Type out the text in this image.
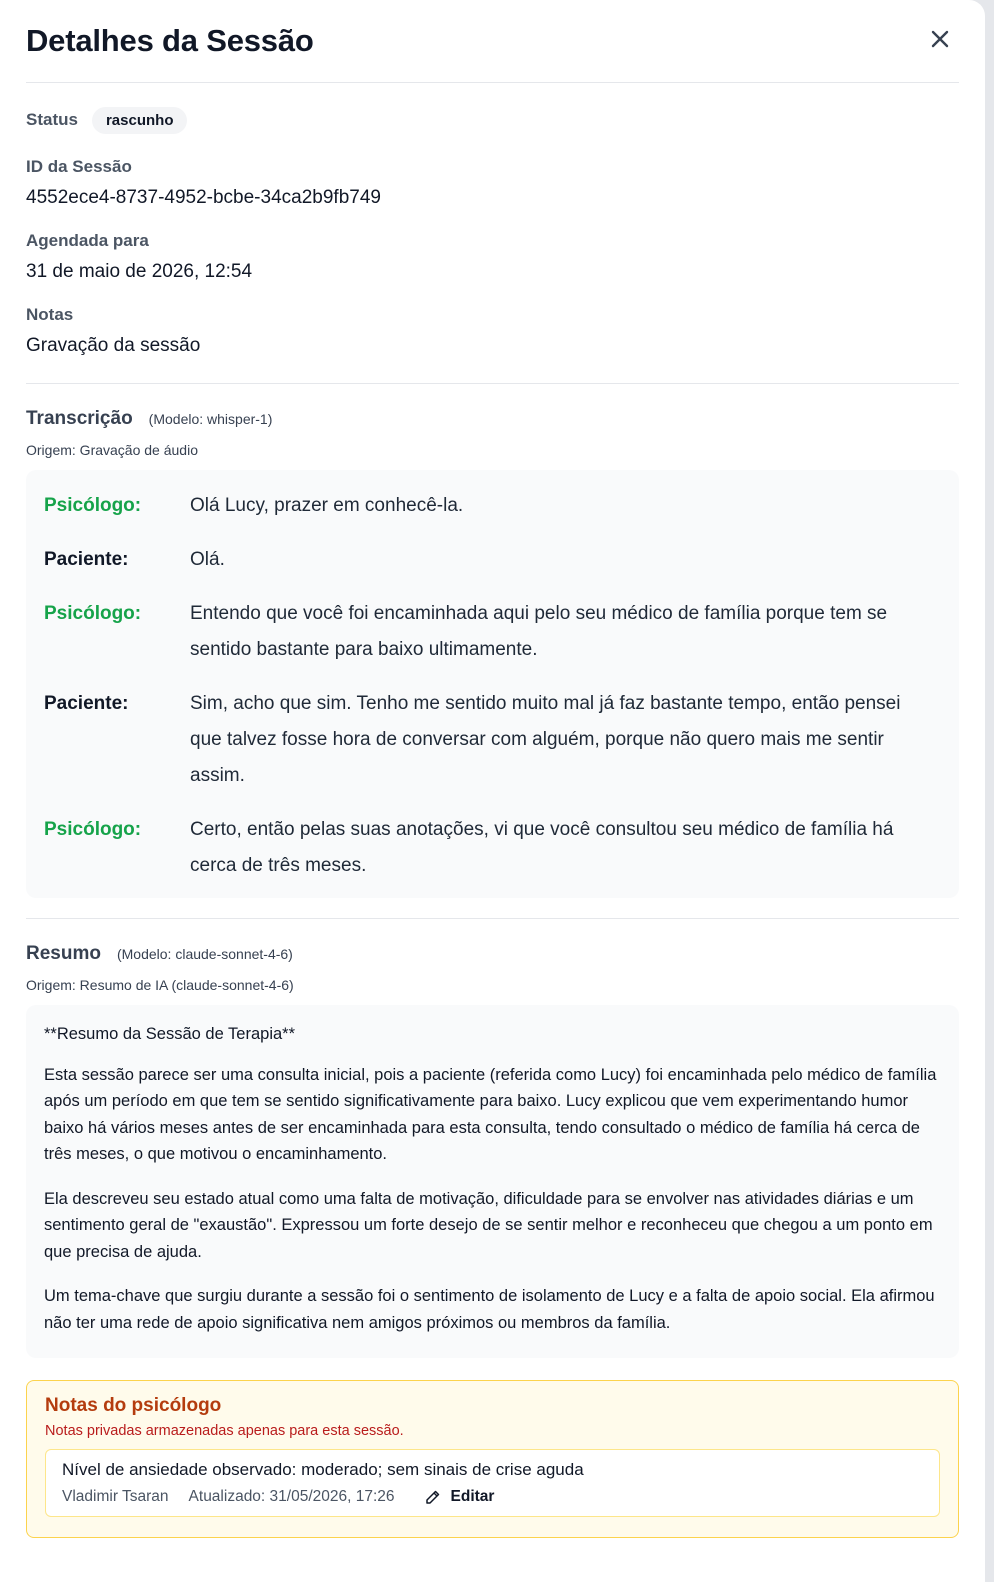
Detalhes da Sessão
Status	rascunho
ID da Sessão
4552ece4-8737-4952-bcbe-34ca2b9fb749
Agendada para
31 de maio de 2026, 12:54
Notas
Gravação da sessão
Transcrição (Modelo: whisper-1)
Origem: Gravação de áudio
Psicólogo:	Olá Lucy, prazer em conhecê-la.
Paciente:	Olá.
Psicólogo:	Entendo que você foi encaminhada aqui pelo seu médico de família porque tem se sentido bastante para baixo ultimamente.
Paciente:	Sim, acho que sim. Tenho me sentido muito mal já faz bastante tempo, então pensei que talvez fosse hora de conversar com alguém, porque não quero mais me sentir assim.
Psicólogo:	Certo, então pelas suas anotações, vi que você consultou seu médico de família há cerca de três meses.
Resumo (Modelo: claude-sonnet-4-6)
Origem: Resumo de IA (claude-sonnet-4-6)

**Resumo da Sessão de Terapia**

Esta sessão parece ser uma consulta inicial, pois a paciente (referida como Lucy) foi encaminhada pelo médico de família após um período em que tem se sentido significativamente para baixo. Lucy explicou que vem experimentando humor baixo há vários meses antes de ser encaminhada para esta consulta, tendo consultado o médico de família há cerca de três meses, o que motivou o encaminhamento.

Ela descreveu seu estado atual como uma falta de motivação, dificuldade para se envolver nas atividades diárias e um sentimento geral de "exaustão". Expressou um forte desejo de se sentir melhor e reconheceu que chegou a um ponto em que precisa de ajuda.

Um tema-chave que surgiu durante a sessão foi o sentimento de isolamento de Lucy e a falta de apoio social. Ela afirmou não ter uma rede de apoio significativa nem amigos próximos ou membros da família.

Notas do psicólogo
Notas privadas armazenadas apenas para esta sessão.
Nível de ansiedade observado: moderado; sem sinais de crise aguda
Vladimir Tsaran Atualizado: 31/05/2026, 17:26	Editar
